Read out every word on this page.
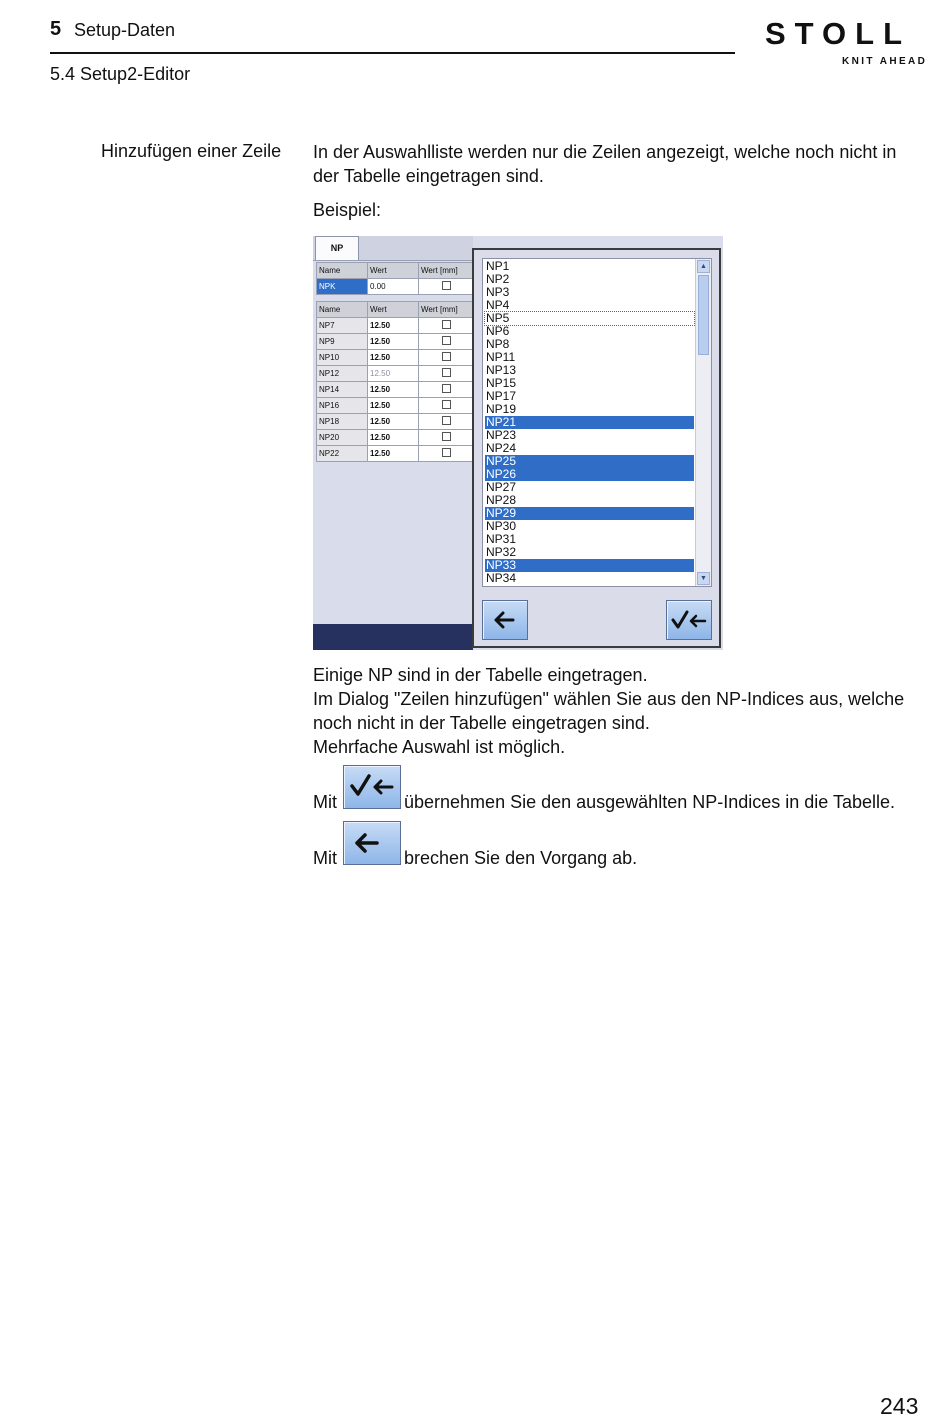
5 Setup-Daten
5.4 Setup2-Editor
STOLL
KNIT AHEAD
Hinzufügen einer Zeile In der Auswahlliste werden nur die Zeilen angezeigt, welche noch nicht in
der Tabelle eingetragen sind.
Beispiel:
NP
Name	Wert	Wert [mm]
NPK	0.00	
Name	Wert	Wert [mm]
NP7	12.50	
NP9	12.50	
NP10	12.50	
NP12	12.50	
NP14	12.50	
NP16	12.50	
NP18	12.50	
NP20	12.50	
NP22	12.50	
NP1
NP2
NP3
NP4
NP5
NP6
NP8
NP11
NP13
NP15
NP17
NP19
NP21
NP23
NP24
NP25
NP26
NP27
NP28
NP29
NP30
NP31
NP32
NP33
NP34
▲
▼
Einige NP sind in der Tabelle eingetragen.
Im Dialog "Zeilen hinzufügen" wählen Sie aus den NP-Indices aus, welche
noch nicht in der Tabelle eingetragen sind.
Mehrfache Auswahl ist möglich.
Mit	übernehmen Sie den ausgewählten NP-Indices in die Tabelle.
Mit	brechen Sie den Vorgang ab.
243
